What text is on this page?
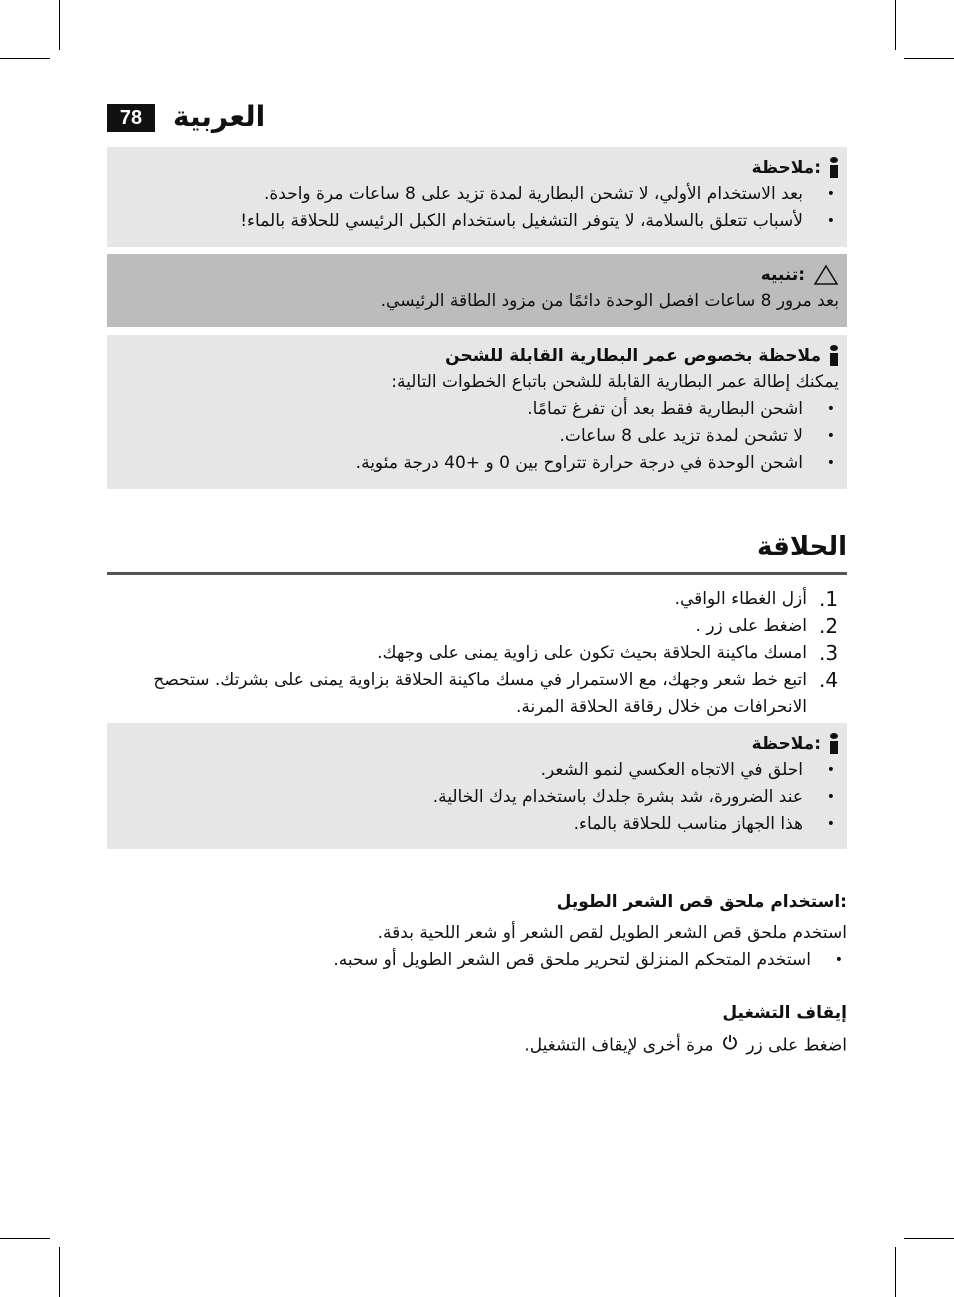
78	العربية
:ملاحظة
• بعد الاستخدام الأولي، لا تشحن البطارية لمدة تزيد على 8 ساعات مرة واحدة.
• لأسباب تتعلق بالسلامة، لا يتوفر التشغيل باستخدام الكبل الرئيسي للحلاقة بالماء!
:تنبيه
بعد مرور 8 ساعات افصل الوحدة دائمًا من مزود الطاقة الرئيسي.
ملاحظة بخصوص عمر البطارية القابلة للشحن
يمكنك إطالة عمر البطارية القابلة للشحن باتباع الخطوات التالية:
• اشحن البطارية فقط بعد أن تفرغ تمامًا.
• لا تشحن لمدة تزيد على 8 ساعات.
• اشحن الوحدة في درجة حرارة تتراوح بين 0 و +40 درجة مئوية.
الحلاقة
1.
أزل الغطاء الواقي.
2.
اضغط على زر .
3.
امسك ماكينة الحلاقة بحيث تكون على زاوية يمنى على وجهك.
4.
اتبع خط شعر وجهك، مع الاستمرار في مسك ماكينة الحلاقة بزاوية يمنى على بشرتك. ستحصح الانحرافات من خلال رقاقة الحلاقة المرنة.
:ملاحظة
• احلق في الاتجاه العكسي لنمو الشعر.
• عند الضرورة، شد بشرة جلدك باستخدام يدك الخالية.
• هذا الجهاز مناسب للحلاقة بالماء.
:استخدام ملحق قص الشعر الطويل
استخدم ملحق قص الشعر الطويل لقص الشعر أو شعر اللحية بدقة.
• استخدم المتحكم المنزلق لتحرير ملحق قص الشعر الطويل أو سحبه.
إيقاف التشغيل
اضغط على زر  مرة أخرى لإيقاف التشغيل.
